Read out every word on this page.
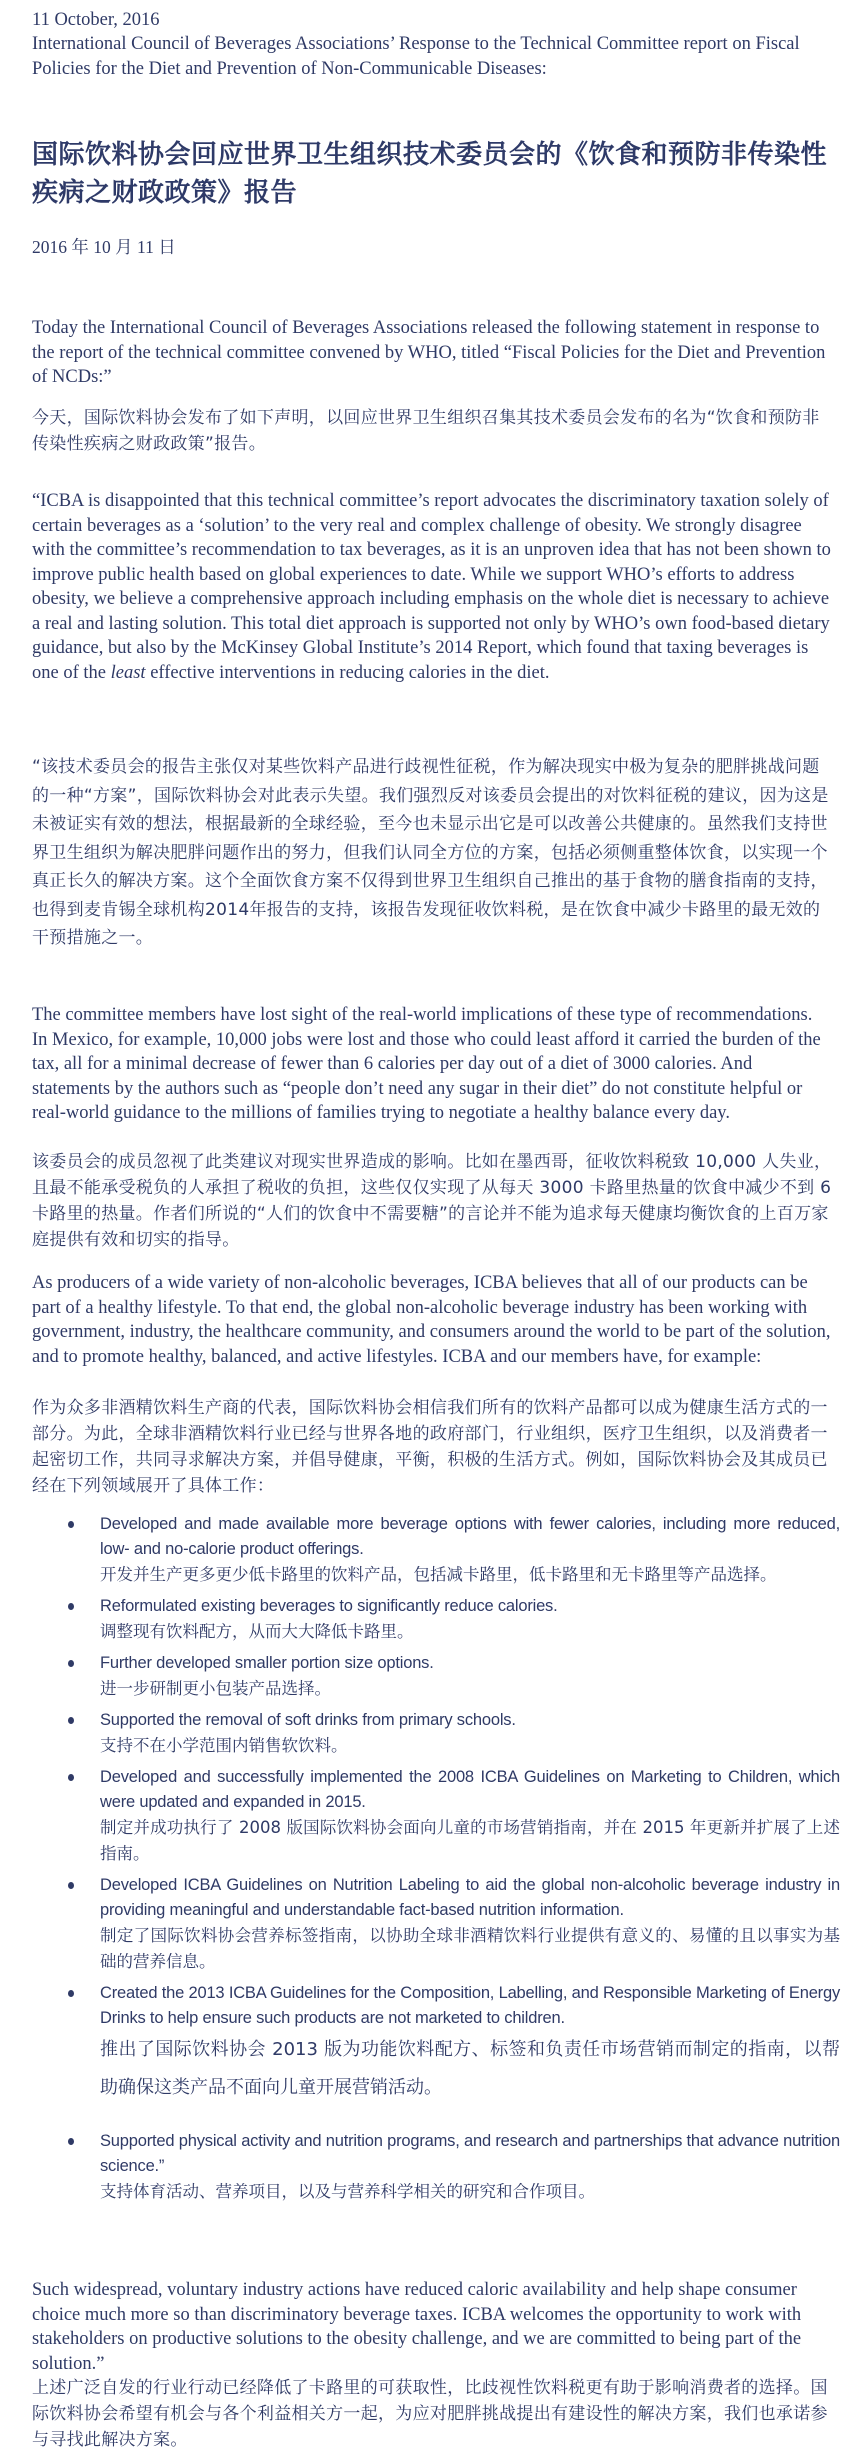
11 October, 2016

International Council of Beverages Associations’ Response to the Technical Committee report on Fiscal Policies for the Diet and Prevention of Non-Communicable Diseases:

国际饮料协会回应世界卫生组织技术委员会的《饮食和预防非传染性疾病之财政政策》报告

2016 年 10 月 11 日

Today the International Council of Beverages Associations released the following statement in response to the report of the technical committee convened by WHO, titled “Fiscal Policies for the Diet and Prevention of NCDs:”

今天，国际饮料协会发布了如下声明，以回应世界卫生组织召集其技术委员会发布的名为“饮食和预防非传染性疾病之财政政策”报告。

“ICBA is disappointed that this technical committee’s report advocates the discriminatory taxation solely of certain beverages as a ‘solution’ to the very real and complex challenge of obesity. We strongly disagree with the committee’s recommendation to tax beverages, as it is an unproven idea that has not been shown to improve public health based on global experiences to date. While we support WHO’s efforts to address obesity, we believe a comprehensive approach including emphasis on the whole diet is necessary to achieve a real and lasting solution. This total diet approach is supported not only by WHO’s own food-based dietary guidance, but also by the McKinsey Global Institute’s 2014 Report, which found that taxing beverages is one of the least effective interventions in reducing calories in the diet.

“该技术委员会的报告主张仅对某些饮料产品进行歧视性征税，作为解决现实中极为复杂的肥胖挑战问题的一种“方案”，国际饮料协会对此表示失望。我们强烈反对该委员会提出的对饮料征税的建议，因为这是未被证实有效的想法，根据最新的全球经验，至今也未显示出它是可以改善公共健康的。虽然我们支持世界卫生组织为解决肥胖问题作出的努力，但我们认同全方位的方案，包括必须侧重整体饮食，以实现一个真正长久的解决方案。这个全面饮食方案不仅得到世界卫生组织自己推出的基于食物的膳食指南的支持，也得到麦肯锡全球机构2014年报告的支持，该报告发现征收饮料税，是在饮食中减少卡路里的最无效的干预措施之一。

The committee members have lost sight of the real-world implications of these type of recommendations. In Mexico, for example, 10,000 jobs were lost and those who could least afford it carried the burden of the tax, all for a minimal decrease of fewer than 6 calories per day out of a diet of 3000 calories. And statements by the authors such as “people don’t need any sugar in their diet” do not constitute helpful or real-world guidance to the millions of families trying to negotiate a healthy balance every day.

该委员会的成员忽视了此类建议对现实世界造成的影响。比如在墨西哥，征收饮料税致 10,000 人失业，且最不能承受税负的人承担了税收的负担，这些仅仅实现了从每天 3000 卡路里热量的饮食中减少不到 6 卡路里的热量。作者们所说的“人们的饮食中不需要糖”的言论并不能为追求每天健康均衡饮食的上百万家庭提供有效和切实的指导。

As producers of a wide variety of non-alcoholic beverages, ICBA believes that all of our products can be part of a healthy lifestyle. To that end, the global non-alcoholic beverage industry has been working with government, industry, the healthcare community, and consumers around the world to be part of the solution, and to promote healthy, balanced, and active lifestyles. ICBA and our members have, for example:

作为众多非酒精饮料生产商的代表，国际饮料协会相信我们所有的饮料产品都可以成为健康生活方式的一部分。为此，全球非酒精饮料行业已经与世界各地的政府部门，行业组织，医疗卫生组织，以及消费者一起密切工作，共同寻求解决方案，并倡导健康，平衡，积极的生活方式。例如，国际饮料协会及其成员已经在下列领域展开了具体工作：

Developed and made available more beverage options with fewer calories, including more reduced, low- and no-calorie product offerings.
开发并生产更多更少低卡路里的饮料产品，包括减卡路里，低卡路里和无卡路里等产品选择。
Reformulated existing beverages to significantly reduce calories.
调整现有饮料配方，从而大大降低卡路里。
Further developed smaller portion size options.
进一步研制更小包装产品选择。
Supported the removal of soft drinks from primary schools.
支持不在小学范围内销售软饮料。
Developed and successfully implemented the 2008 ICBA Guidelines on Marketing to Children, which were updated and expanded in 2015.
制定并成功执行了 2008 版国际饮料协会面向儿童的市场营销指南，并在 2015 年更新并扩展了上述指南。
Developed ICBA Guidelines on Nutrition Labeling to aid the global non-alcoholic beverage industry in providing meaningful and understandable fact-based nutrition information.
制定了国际饮料协会营养标签指南，以协助全球非酒精饮料行业提供有意义的、易懂的且以事实为基础的营养信息。
Created the 2013 ICBA Guidelines for the Composition, Labelling, and Responsible Marketing of Energy Drinks to help ensure such products are not marketed to children.
推出了国际饮料协会 2013 版为功能饮料配方、标签和负责任市场营销而制定的指南，以帮助确保这类产品不面向儿童开展营销活动。
Supported physical activity and nutrition programs, and research and partnerships that advance nutrition science.”
支持体育活动、营养项目，以及与营养科学相关的研究和合作项目。

Such widespread, voluntary industry actions have reduced caloric availability and help shape consumer choice much more so than discriminatory beverage taxes. ICBA welcomes the opportunity to work with stakeholders on productive solutions to the obesity challenge, and we are committed to being part of the solution.”

上述广泛自发的行业行动已经降低了卡路里的可获取性，比歧视性饮料税更有助于影响消费者的选择。国际饮料协会希望有机会与各个利益相关方一起，为应对肥胖挑战提出有建设性的解决方案，我们也承诺参与寻找此解决方案。
